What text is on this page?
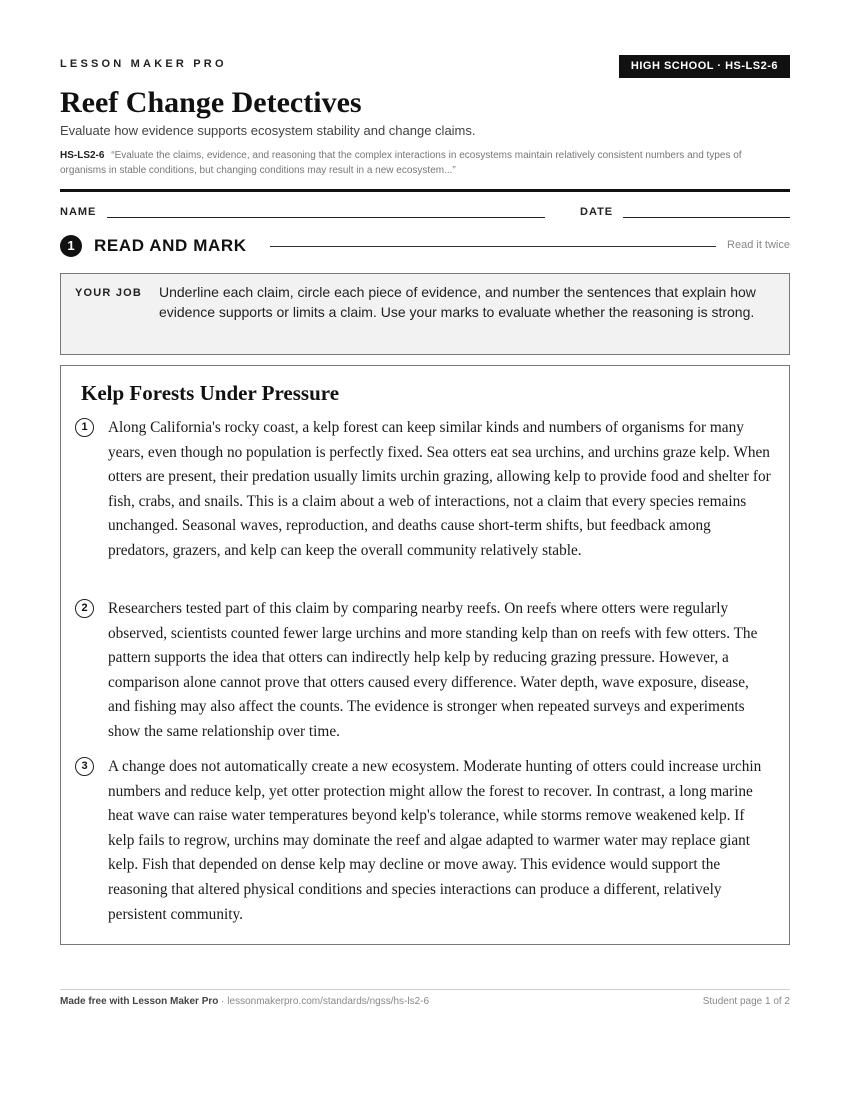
LESSON MAKER PRO	HIGH SCHOOL · HS-LS2-6
Reef Change Detectives
Evaluate how evidence supports ecosystem stability and change claims.
HS-LS2-6 “Evaluate the claims, evidence, and reasoning that the complex interactions in ecosystems maintain relatively consistent numbers and types of organisms in stable conditions, but changing conditions may result in a new ecosystem...”
NAME	DATE
1	READ AND MARK	Read it twice
YOUR JOB Underline each claim, circle each piece of evidence, and number the sentences that explain how evidence supports or limits a claim. Use your marks to evaluate whether the reasoning is strong.
Kelp Forests Under Pressure
1	Along California's rocky coast, a kelp forest can keep similar kinds and numbers of organisms for many years, even though no population is perfectly fixed. Sea otters eat sea urchins, and urchins graze kelp. When otters are present, their predation usually limits urchin grazing, allowing kelp to provide food and shelter for fish, crabs, and snails. This is a claim about a web of interactions, not a claim that every species remains unchanged. Seasonal waves, reproduction, and deaths cause short-term shifts, but feedback among predators, grazers, and kelp can keep the overall community relatively stable.

2	Researchers tested part of this claim by comparing nearby reefs. On reefs where otters were regularly observed, scientists counted fewer large urchins and more standing kelp than on reefs with few otters. The pattern supports the idea that otters can indirectly help kelp by reducing grazing pressure. However, a comparison alone cannot prove that otters caused every difference. Water depth, wave exposure, disease, and fishing may also affect the counts. The evidence is stronger when repeated surveys and experiments show the same relationship over time.

3	A change does not automatically create a new ecosystem. Moderate hunting of otters could increase urchin numbers and reduce kelp, yet otter protection might allow the forest to recover. In contrast, a long marine heat wave can raise water temperatures beyond kelp's tolerance, while storms remove weakened kelp. If kelp fails to regrow, urchins may dominate the reef and algae adapted to warmer water may replace giant kelp. Fish that depended on dense kelp may decline or move away. This evidence would support the reasoning that altered physical conditions and species interactions can produce a different, relatively persistent community.

Made free with Lesson Maker Pro · lessonmakerpro.com/standards/ngss/hs-ls2-6	Student page 1 of 2
